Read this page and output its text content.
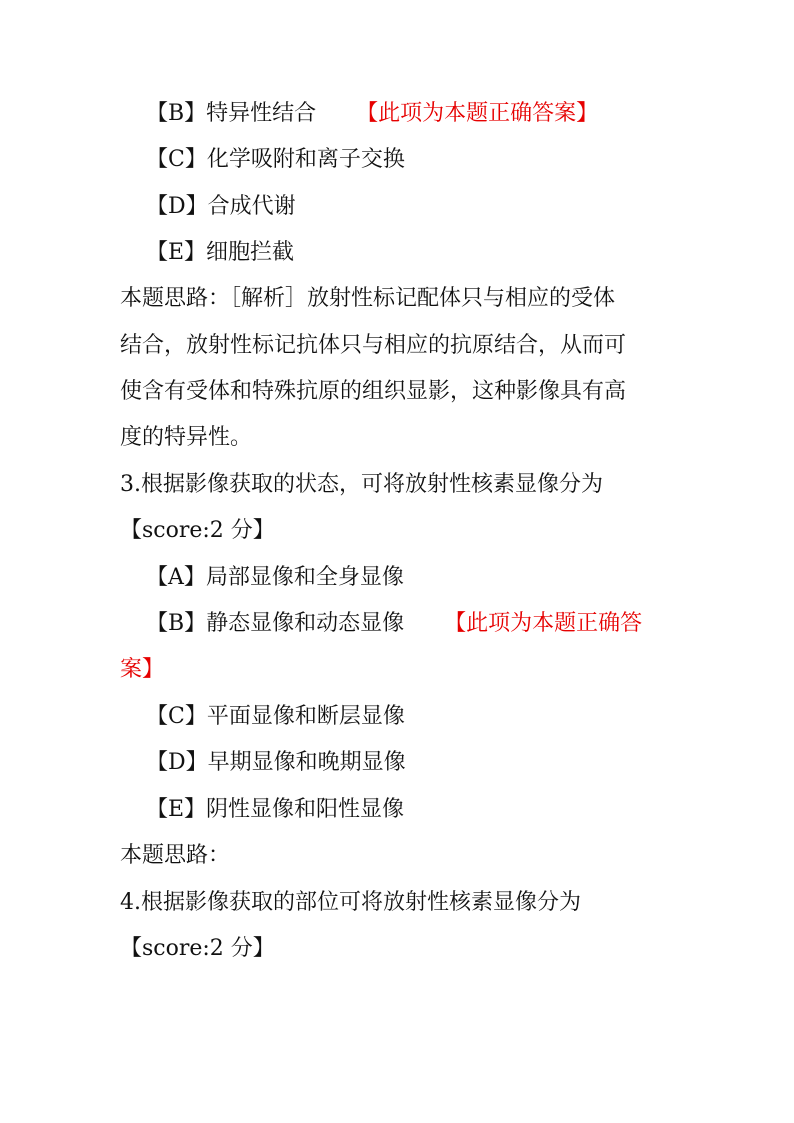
【B】特异性结合 【此项为本题正确答案】
【C】化学吸附和离子交换
【D】合成代谢
【E】细胞拦截
本题思路：［解析］放射性标记配体只与相应的受体
结合，放射性标记抗体只与相应的抗原结合，从而可
使含有受体和特殊抗原的组织显影，这种影像具有高
度的特异性。
3.根据影像获取的状态，可将放射性核素显像分为
【score:2 分】
【A】局部显像和全身显像
【B】静态显像和动态显像 【此项为本题正确答
案】
【C】平面显像和断层显像
【D】早期显像和晚期显像
【E】阴性显像和阳性显像
本题思路：
4.根据影像获取的部位可将放射性核素显像分为
【score:2 分】
